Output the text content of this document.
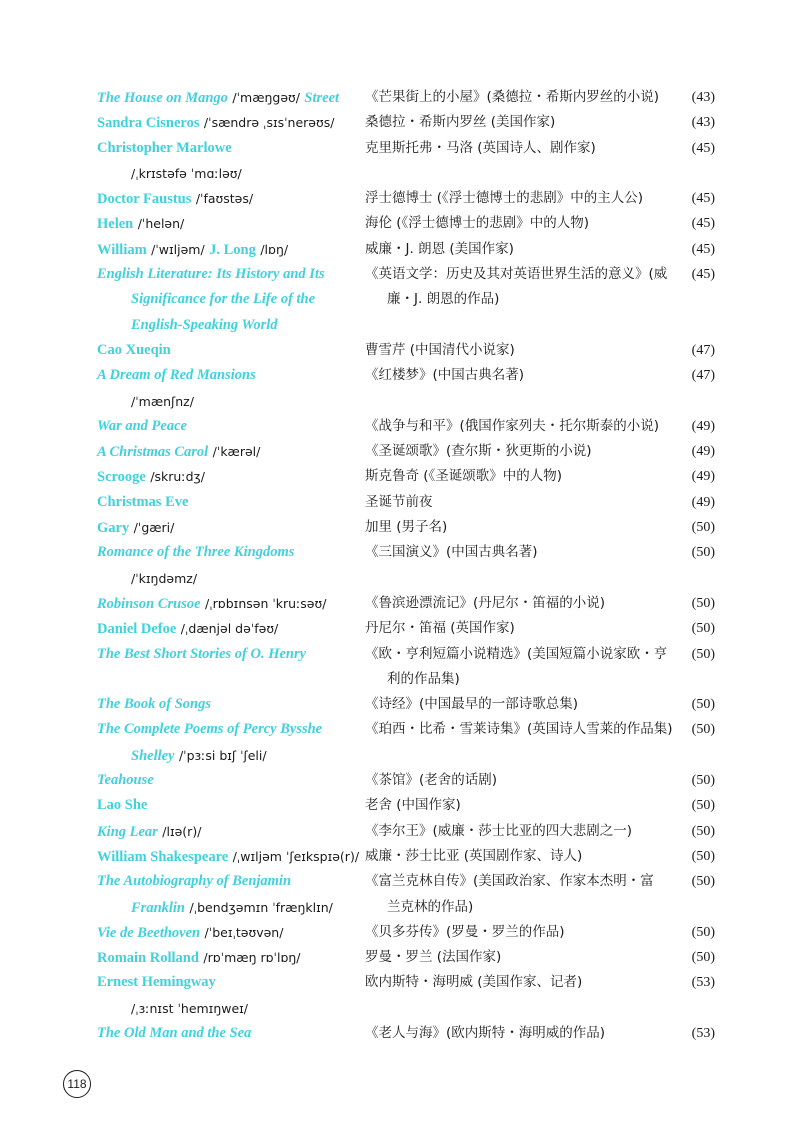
The House on Mango /ˈmæŋgəʊ/ Street 《芒果街上的小屋》(桑德拉・希斯内罗丝的小说) (43)
Sandra Cisneros /ˈsændrə ˌsɪsˈnerəʊs/ 桑德拉・希斯内罗丝 (美国作家)	(43)
Christopher Marlowe	克里斯托弗・马洛 (英国诗人、剧作家)	(45)
/ˌkrɪstəfə ˈmɑːləʊ/
Doctor Faustus /ˈfaʊstəs/	浮士德博士 (《浮士德博士的悲剧》中的主人公)	(45)
Helen /ˈhelən/	海伦 (《浮士德博士的悲剧》中的人物)	(45)
William /ˈwɪljəm/ J. Long /lɒŋ/	威廉・J. 朗恩 (美国作家)	(45)
English Literature: Its History and Its	《英语文学：历史及其对英语世界生活的意义》(威 (45)
Significance for the Life of the	廉・J. 朗恩的作品)
English-Speaking World
Cao Xueqin	曹雪芹 (中国清代小说家)	(47)
A Dream of Red Mansions	《红楼梦》(中国古典名著)	(47)
/ˈmænʃnz/
War and Peace	《战争与和平》(俄国作家列夫・托尔斯泰的小说) (49)
A Christmas Carol /ˈkærəl/	《圣诞颂歌》(查尔斯・狄更斯的小说)	(49)
Scrooge /skruːdʒ/	斯克鲁奇 (《圣诞颂歌》中的人物)	(49)
Christmas Eve	圣诞节前夜	(49)
Gary /ˈgæri/	加里 (男子名)	(50)
Romance of the Three Kingdoms	《三国演义》(中国古典名著)	(50)
/ˈkɪŋdəmz/
Robinson Crusoe /ˌrɒbɪnsən ˈkruːsəʊ/	《鲁滨逊漂流记》(丹尼尔・笛福的小说)	(50)
Daniel Defoe /ˌdænjəl dəˈfəʊ/	丹尼尔・笛福 (英国作家)	(50)
The Best Short Stories of O. Henry	《欧・亨利短篇小说精选》(美国短篇小说家欧・亨 (50)
利的作品集)
The Book of Songs	《诗经》(中国最早的一部诗歌总集)	(50)
The Complete Poems of Percy Bysshe	《珀西・比希・雪莱诗集》(英国诗人雪莱的作品集) (50)
Shelley /ˈpɜːsi bɪʃ ˈʃeli/
Teahouse	《茶馆》(老舍的话剧)	(50)
Lao She	老舍 (中国作家)	(50)
King Lear /lɪə(r)/	《李尔王》(威廉・莎士比亚的四大悲剧之一)	(50)
William Shakespeare /ˌwɪljəm ˈʃeɪkspɪə(r)/ 威廉・莎士比亚 (英国剧作家、诗人)	(50)
The Autobiography of Benjamin	《富兰克林自传》(美国政治家、作家本杰明・富	(50)
Franklin /ˌbendʒəmɪn ˈfræŋklɪn/	兰克林的作品)
Vie de Beethoven /ˈbeɪˌtəʊvən/	《贝多芬传》(罗曼・罗兰的作品)	(50)
Romain Rolland /rɒˈmæŋ rɒˈlɒŋ/	罗曼・罗兰 (法国作家)	(50)
Ernest Hemingway	欧内斯特・海明威 (美国作家、记者)	(53)
/ˌɜːnɪst ˈhemɪŋweɪ/
The Old Man and the Sea	《老人与海》(欧内斯特・海明威的作品)	(53)
118
